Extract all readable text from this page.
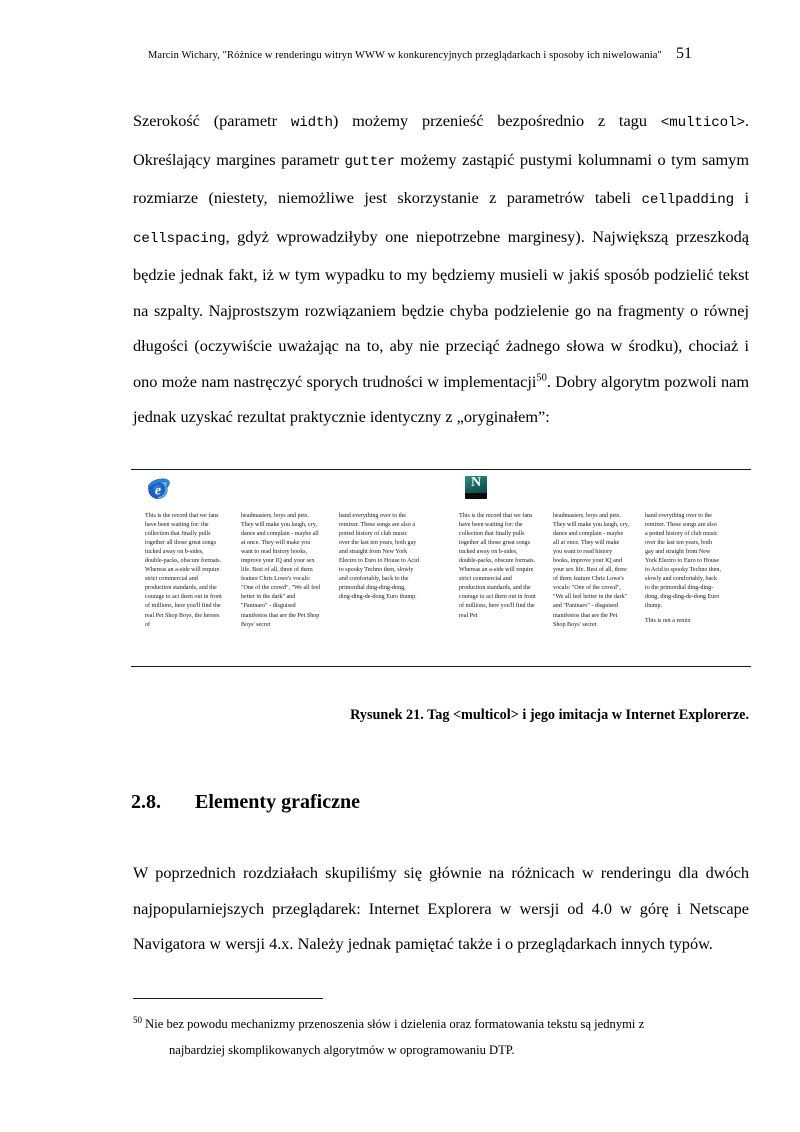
Marcin Wichary, "Różnice w renderingu witryn WWW w konkurencyjnych przeglądarkach i sposoby ich niwelowania" 51

Szerokość (parametr width) możemy przenieść bezpośrednio z tagu <multicol>. Określający margines parametr gutter możemy zastąpić pustymi kolumnami o tym samym rozmiarze (niestety, niemożliwe jest skorzystanie z parametrów tabeli cellpadding i cellspacing, gdyż wprowadziłyby one niepotrzebne marginesy). Największą przeszkodą będzie jednak fakt, iż w tym wypadku to my będziemy musieli w jakiś sposób podzielić tekst na szpalty. Najprostszym rozwiązaniem będzie chyba podzielenie go na fragmenty o równej długości (oczywiście uważając na to, aby nie przeciąć żadnego słowa w środku), chociaż i ono może nam nastręczyć sporych trudności w implementacji$^{50}$. Dobry algorytm pozwoli nam jednak uzyskać rezultat praktycznie identyczny z „oryginałem”:

e

This is the record that we fans have been waiting for: the collection that finally pulls together all those great songs tucked away on b-sides, double-packs, obscure formats. Whereas an a-side will require strict commercial and production standards, and the courage to act them out in front of millions, here you'll find the real Pet Shop Boys, the heroes of

headmasters, boys and pets. They will make you laugh, cry, dance and complain - maybe all at once. They will make you want to read history books, improve your IQ and your sex life. Best of all, three of them feature Chris Lowe's vocals: "One of the crowd", "We all feel better in the dark" and "Paninaro" - disguised manifestos that are the Pet Shop Boys' secret

hand everything over to the remixer. These songs are also a potted history of club music over the last ten years, both gay and straight from New York Electro to Euro to House to Acid to spooky Techno then, slowly and comfortably, back to the primordial ding-ding-dong, ding-ding-de-dong Euro thump.

N

This is the record that we fans have been waiting for: the collection that finally pulls together all those great songs tucked away on b-sides, double-packs, obscure formats. Whereas an a-side will require strict commercial and production standards, and the courage to act them out in front of millions, here you'll find the real Pet

headmasters, boys and pets. They will make you laugh, cry, dance and complain - maybe all at once. They will make you want to read history books, improve your IQ and your sex life. Best of all, three of them feature Chris Lowe's vocals: "One of the crowd", "We all feel better in the dark" and "Paninaro" - disguised manifestos that are the Pet Shop Boys' secret

hand everything over to the remixer. These songs are also a potted history of club music over the last ten years, both gay and straight from New York Electro to Euro to House to Acid to spooky Techno then, slowly and comfortably, back to the primordial ding-ding-dong, ding-ding-de-dong Euro thump.

This is not a remix

Rysunek 21. Tag <multicol> i jego imitacja w Internet Explorerze.
2.8.	Elementy graficzne

W poprzednich rozdziałach skupiliśmy się głównie na różnicach w renderingu dla dwóch najpopularniejszych przeglądarek: Internet Explorera w wersji od 4.0 w górę i Netscape Navigatora w wersji 4.x. Należy jednak pamiętać także i o przeglądarkach innych typów.

$^{50}$ Nie bez powodu mechanizmy przenoszenia słów i dzielenia oraz formatowania tekstu są jednymi z
najbardziej skomplikowanych algorytmów w oprogramowaniu DTP.
